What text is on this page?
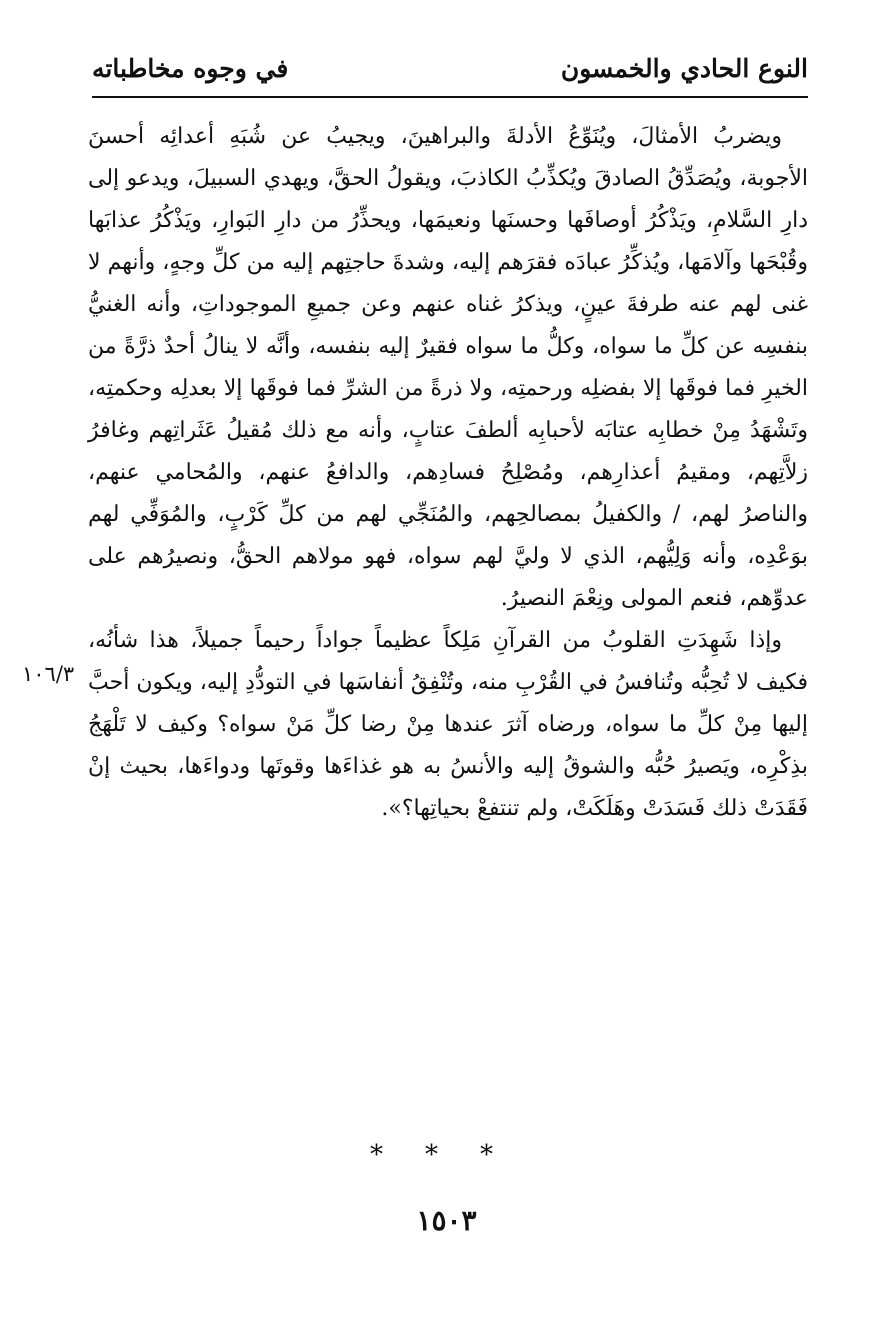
النوع الحادي والخمسون
في وجوه مخاطباته

ويضربُ الأمثالَ، ويُنَوِّعُ الأدلةَ والبراهينَ، ويجيبُ عن شُبَهِ أعدائِه أحسنَ الأجوبة، ويُصَدِّقُ الصادقَ ويُكذِّبُ الكاذبَ، ويقولُ الحقَّ، ويهدي السبيلَ، ويدعو إلى دارِ السَّلامِ، ويَذْكُرُ أوصافَها وحسنَها ونعيمَها، ويحذِّرُ من دارِ البَوارِ، ويَذْكُرُ عذابَها وقُبْحَها وآلامَها، ويُذكِّرُ عبادَه فقرَهم إليه، وشدةَ حاجتِهم إليه من كلِّ وجهٍ، وأنهم لا غنى لهم عنه طرفةَ عينٍ، ويذكرُ غناه عنهم وعن جميعِ الموجوداتِ، وأنه الغنيُّ بنفسِه عن كلِّ ما سواه، وكلُّ ما سواه فقيرٌ إليه بنفسه، وأنَّه لا ينالُ أحدٌ ذرَّةً من الخيرِ فما فوقَها إلا بفضلِه ورحمتِه، ولا ذرةً من الشرِّ فما فوقَها إلا بعدلِه وحكمتِه، وتَشْهَدُ مِنْ خطابِه عتابَه لأحبابِه ألطفَ عتابٍ، وأنه مع ذلك مُقيلُ عَثَراتِهم وغافرُ زلاَّتِهم، ومقيمُ أعذارِهم، ومُصْلِحُ فسادِهم، والدافعُ عنهم، والمُحامي عنهم، والناصرُ لهم، / والكفيلُ بمصالحِهم، والمُنَجِّي لهم من كلِّ كَرْبٍ، والمُوَفِّي لهم بوَعْدِه، وأنه وَلِيُّهم، الذي لا وليَّ لهم سواه، فهو مولاهم الحقُّ، ونصيرُهم على عدوِّهم، فنعم المولى ونِعْمَ النصيرُ.

وإذا شَهِدَتِ القلوبُ من القرآنِ مَلِكاً عظيماً جواداً رحيماً جميلاً، هذا شأنُه، فكيف لا تُحِبُّه وتُنافسُ في القُرْبِ منه، وتُنْفِقُ أنفاسَها في التودُّدِ إليه، ويكون أحبَّ إليها مِنْ كلِّ ما سواه، ورضاه آثرَ عندها مِنْ رضا كلِّ مَنْ سواه؟ وكيف لا تَلْهَجُ بذِكْرِه، ويَصيرُ حُبُّه والشوقُ إليه والأنسُ به هو غذاءَها وقوتَها ودواءَها، بحيث إنْ فَقَدَتْ ذلك فَسَدَتْ وهَلَكَتْ، ولم تنتفعْ بحياتِها؟».

١٠٦/٣
* * *
١٥٠٣
